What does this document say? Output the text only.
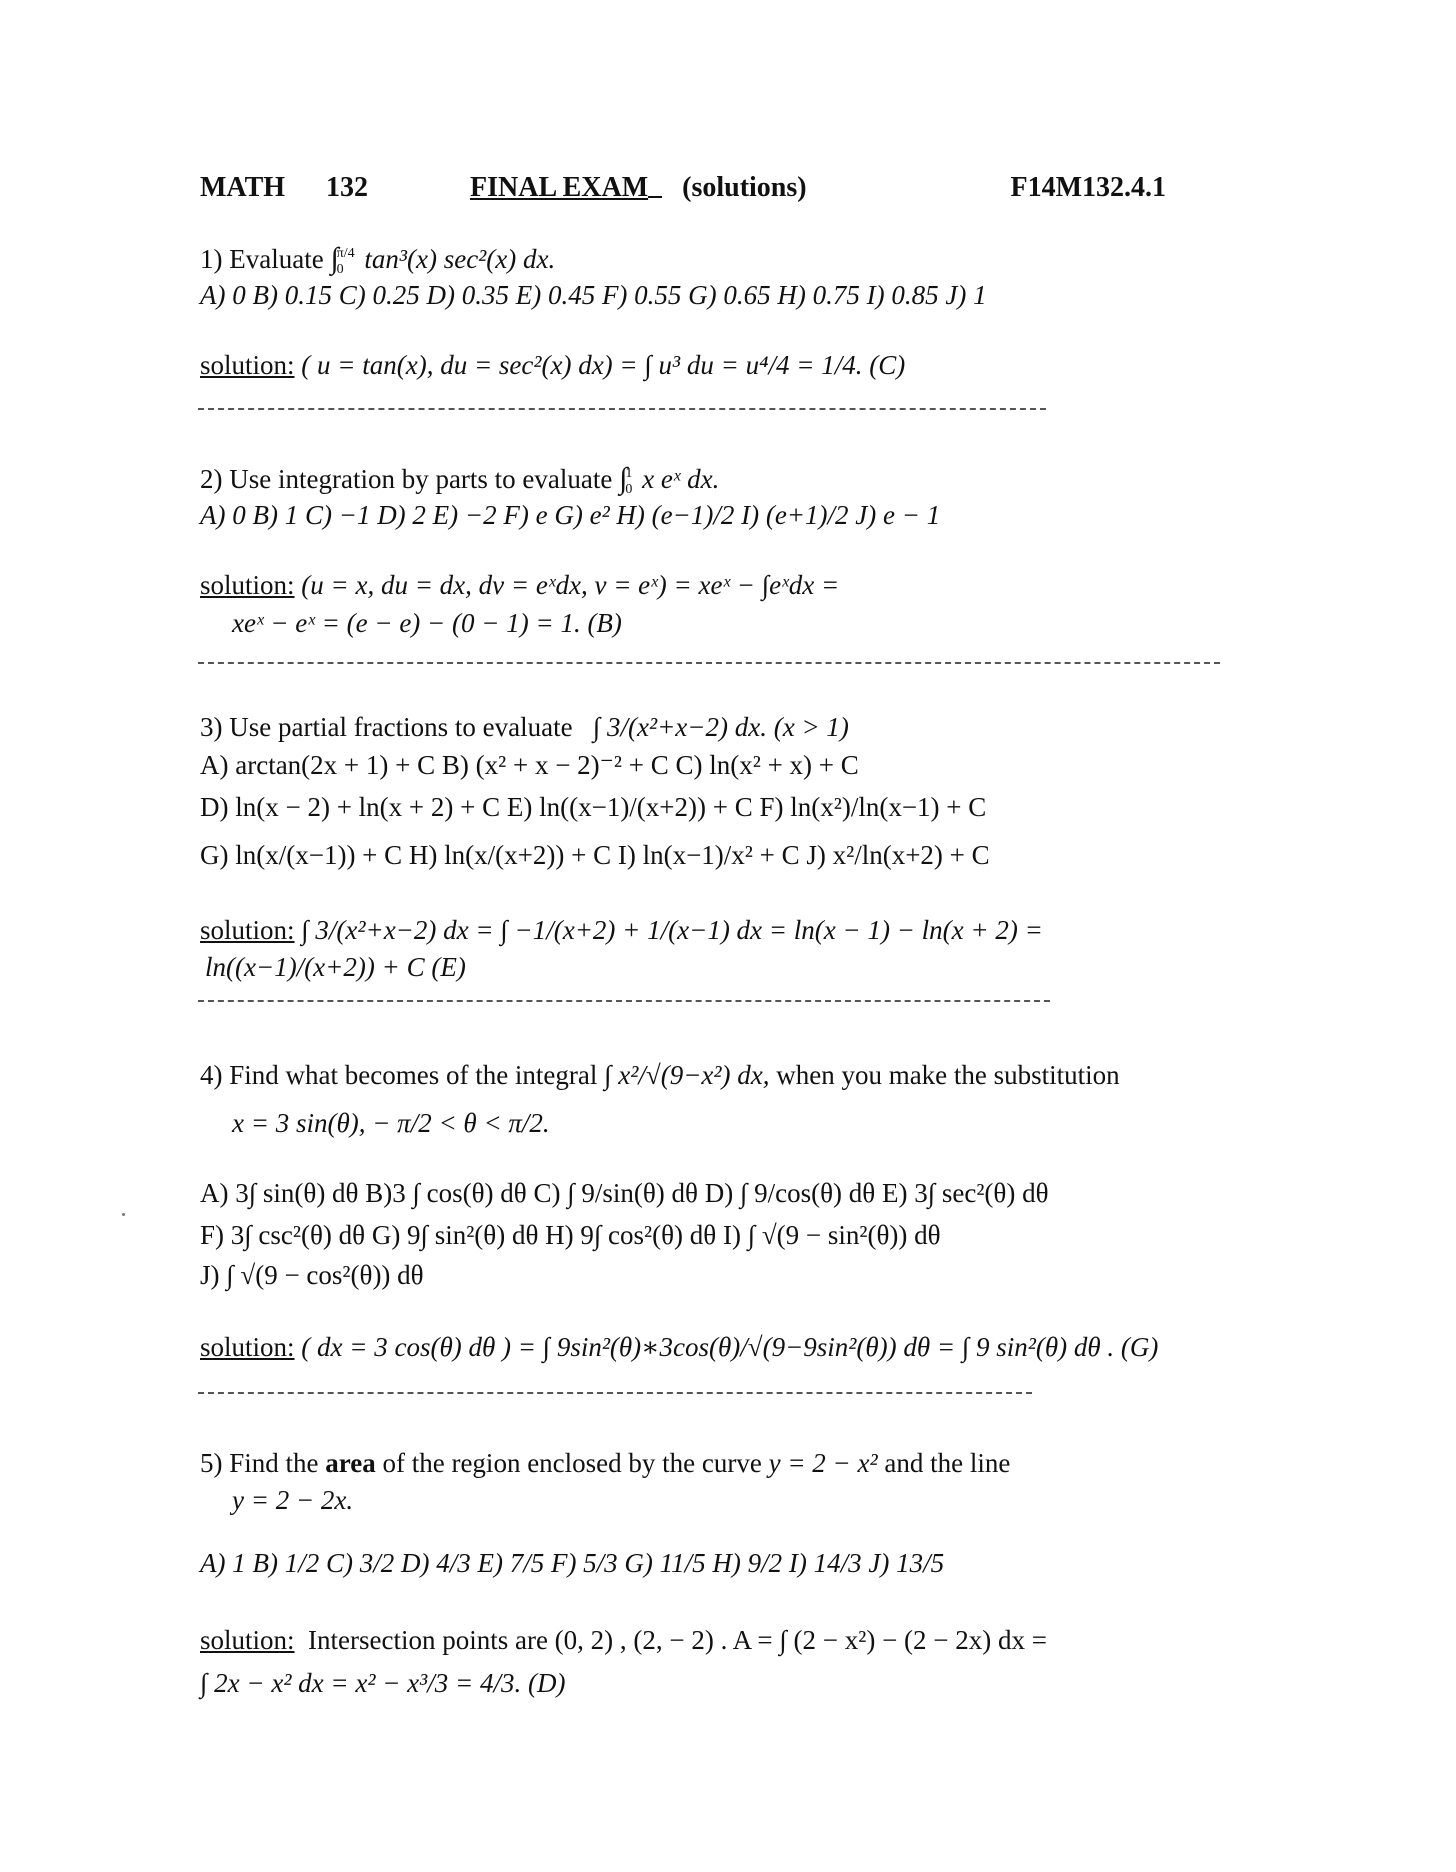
MATH 132	FINAL EXAM (solutions)	F14M132.4.1
1) Evaluate ∫
π/4
0 tan³(x) sec²(x) dx.
A) 0 B) 0.15 C) 0.25 D) 0.35 E) 0.45 F) 0.55 G) 0.65 H) 0.75 I) 0.85 J) 1
solution: ( u = tan(x), du = sec²(x) dx) = ∫ u³ du = u⁴/4 = 1/4. (C)
2) Use integration by parts to evaluate ∫
1
0 x eˣ dx.
A) 0 B) 1 C) −1 D) 2 E) −2 F) e G) e² H) (e−1)/2 I) (e+1)/2 J) e − 1
solution: (u = x, du = dx, dv = eˣdx, v = eˣ) = xeˣ − ∫eˣdx =
xeˣ − eˣ = (e − e) − (0 − 1) = 1. (B)
3) Use partial fractions to evaluate ∫ 3/(x²+x−2) dx. (x > 1)
A) arctan(2x + 1) + C B) (x² + x − 2)⁻² + C C) ln(x² + x) + C
D) ln(x − 2) + ln(x + 2) + C E) ln((x−1)/(x+2)) + C F) ln(x²)/ln(x−1) + C
G) ln(x/(x−1)) + C H) ln(x/(x+2)) + C I) ln(x−1)/x² + C J) x²/ln(x+2) + C
solution: ∫ 3/(x²+x−2) dx = ∫ −1/(x+2) + 1/(x−1) dx = ln(x − 1) − ln(x + 2) =
ln((x−1)/(x+2)) + C (E)
4) Find what becomes of the integral ∫ x²/√(9−x²) dx, when you make the substitution
x = 3 sin(θ), − π/2 < θ < π/2.
A) 3∫ sin(θ) dθ B)3 ∫ cos(θ) dθ C) ∫ 9/sin(θ) dθ D) ∫ 9/cos(θ) dθ E) 3∫ sec²(θ) dθ
F) 3∫ csc²(θ) dθ G) 9∫ sin²(θ) dθ H) 9∫ cos²(θ) dθ I) ∫ √(9 − sin²(θ)) dθ
J) ∫ √(9 − cos²(θ)) dθ
solution: ( dx = 3 cos(θ) dθ ) = ∫ 9sin²(θ)∗3cos(θ)/√(9−9sin²(θ)) dθ = ∫ 9 sin²(θ) dθ . (G)
5) Find the area of the region enclosed by the curve y = 2 − x² and the line
y = 2 − 2x.
A) 1 B) 1/2 C) 3/2 D) 4/3 E) 7/5 F) 5/3 G) 11/5 H) 9/2 I) 14/3 J) 13/5
solution: Intersection points are (0, 2) , (2, − 2) . A = ∫ (2 − x²) − (2 − 2x) dx =
∫ 2x − x² dx = x² − x³/3 = 4/3. (D)
